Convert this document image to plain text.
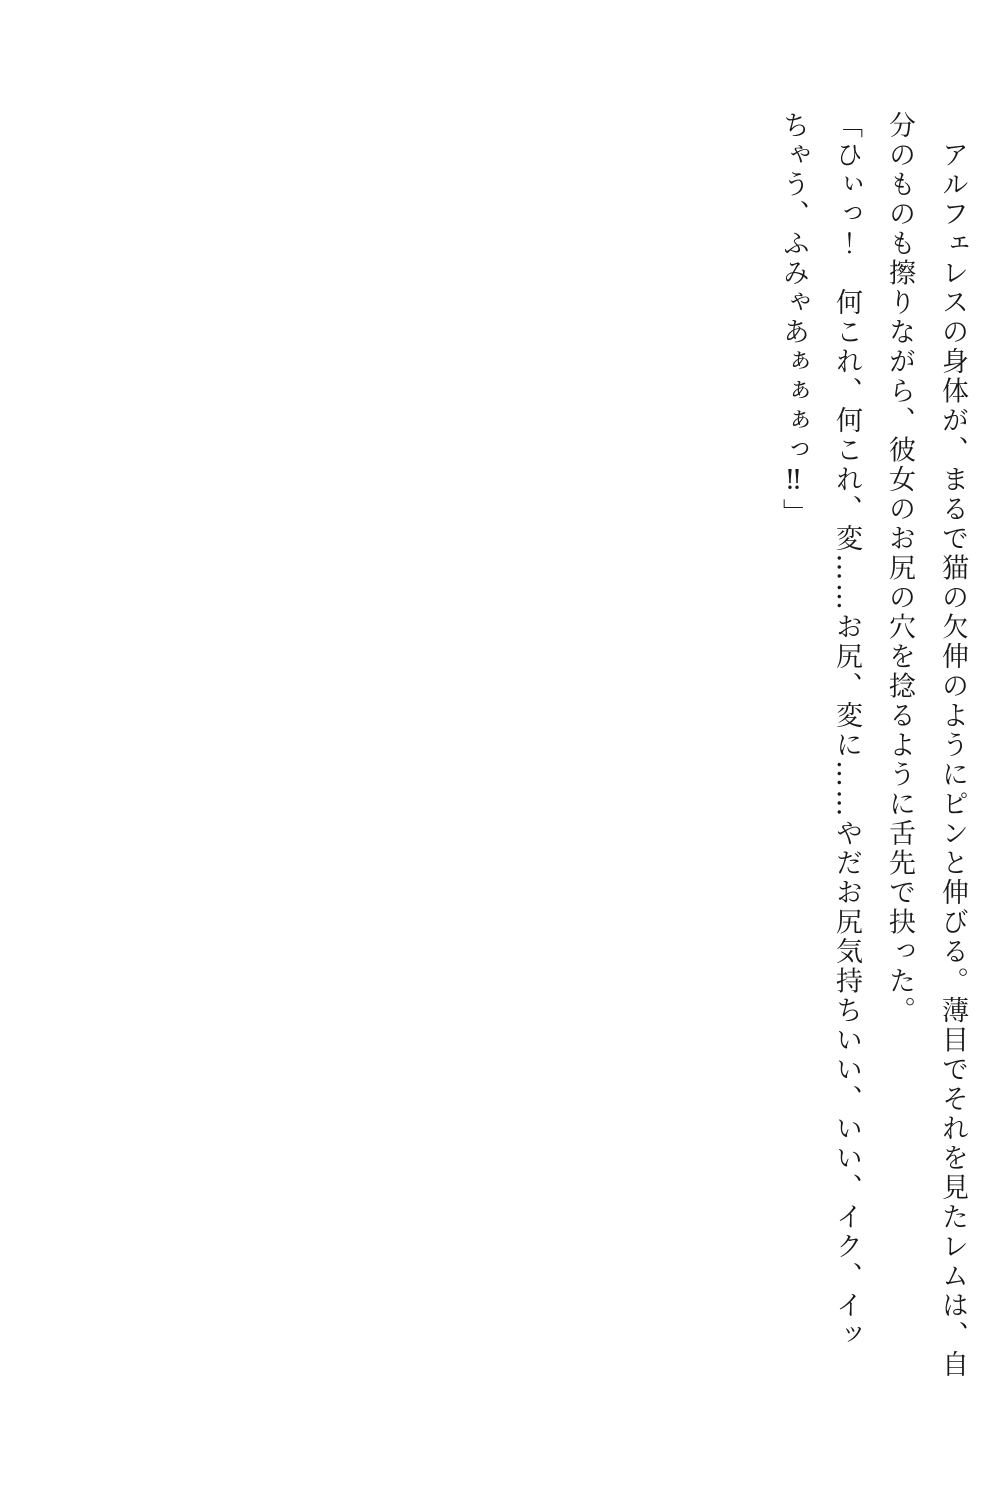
　アルフェレスの身体が、まるで猫の欠伸のようにピンと伸びる。薄目でそれを見たレムは、自

分のものも擦りながら、彼女のお尻の穴を捻るように舌先で抉った。

「ひぃっ！　何これ、何これ、変……お尻、変に……やだお尻気持ちいい、いい、イク、イッ

ちゃう、ふみゃあぁぁぁっ‼」
